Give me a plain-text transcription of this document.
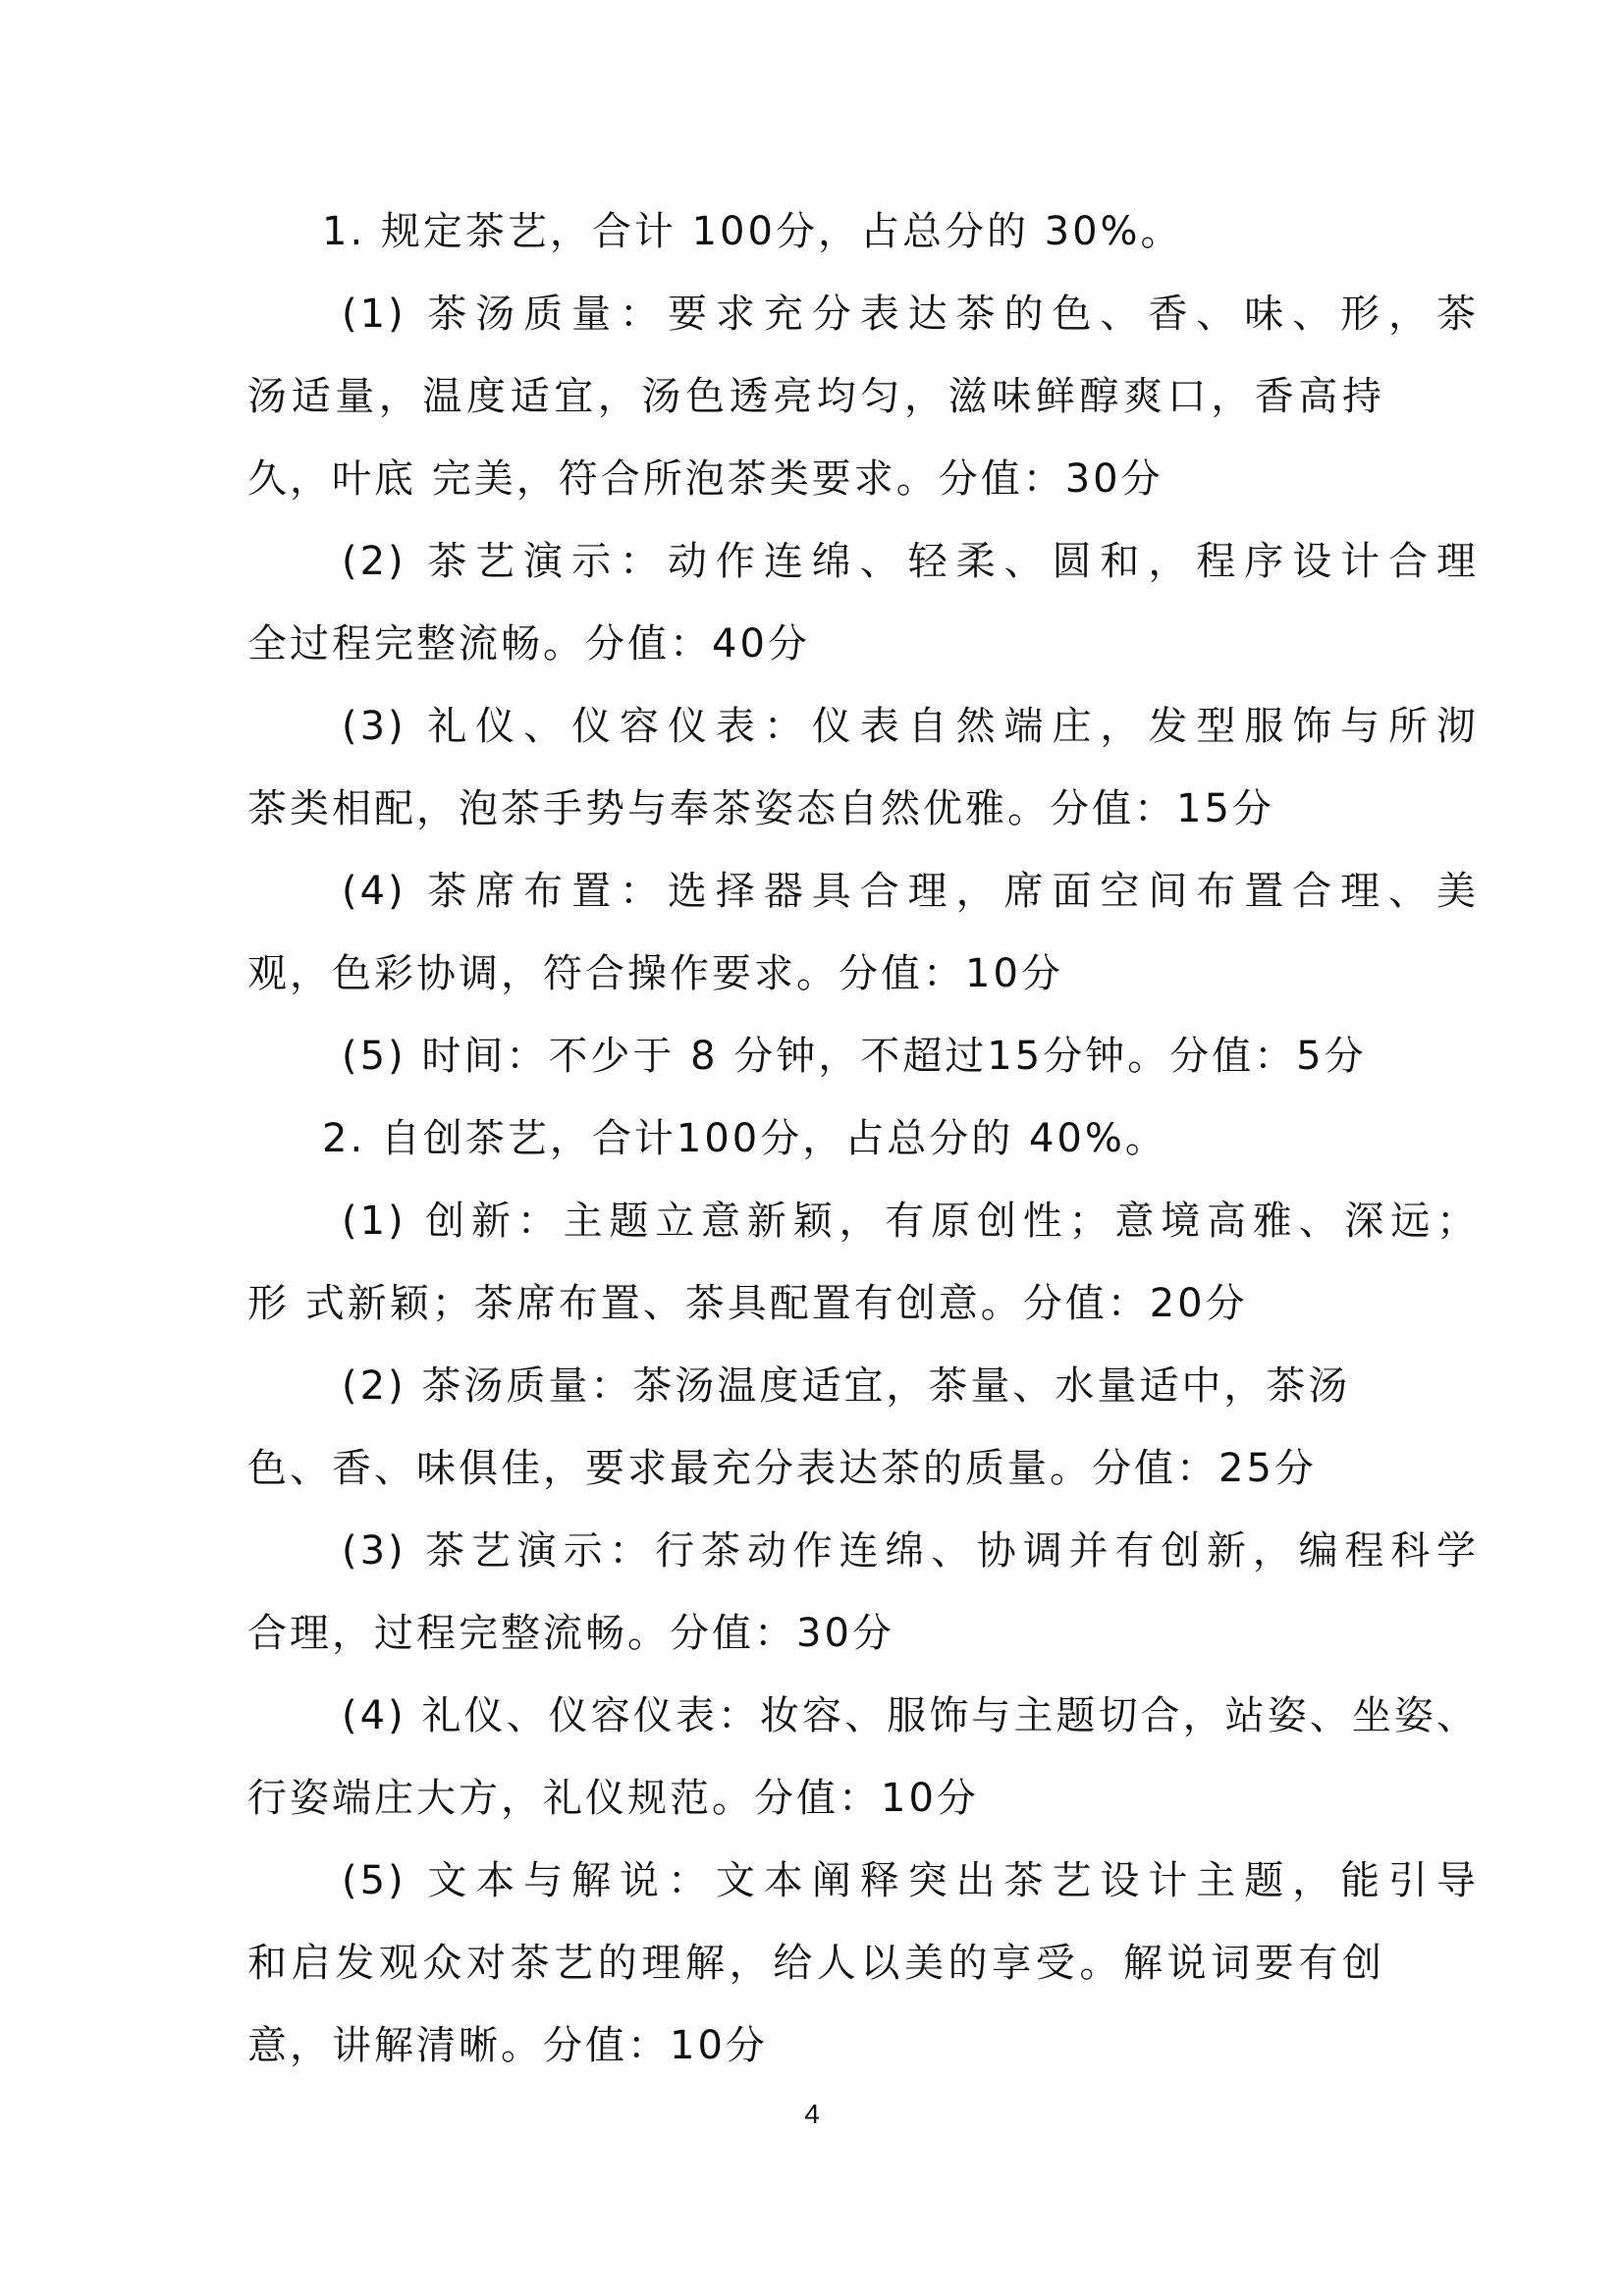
1. 规定茶艺，合计 100分，占总分的 30%。
(1) 茶汤质量：要求充分表达茶的色、香、味、形，茶
汤适量，温度适宜，汤色透亮均匀，滋味鲜醇爽口，香高持
久，叶底 完美，符合所泡茶类要求。分值：30分
(2) 茶艺演示：动作连绵、轻柔、圆和，程序设计合理
全过程完整流畅。分值：40分
(3) 礼仪、仪容仪表：仪表自然端庄，发型服饰与所沏
茶类相配，泡茶手势与奉茶姿态自然优雅。分值：15分
(4) 茶席布置：选择器具合理，席面空间布置合理、美
观，色彩协调，符合操作要求。分值：10分
(5) 时间：不少于 8 分钟，不超过15分钟。分值：5分
2. 自创茶艺，合计100分，占总分的 40%。
(1) 创新：主题立意新颖，有原创性；意境高雅、深远；
形 式新颖；茶席布置、茶具配置有创意。分值：20分
(2) 茶汤质量：茶汤温度适宜，茶量、水量适中，茶汤
色、香、味俱佳，要求最充分表达茶的质量。分值：25分
(3) 茶艺演示：行茶动作连绵、协调并有创新，编程科学
合理，过程完整流畅。分值：30分
(4) 礼仪、仪容仪表：妆容、服饰与主题切合，站姿、坐姿、
行姿端庄大方，礼仪规范。分值：10分
(5) 文本与解说：文本阐释突出茶艺设计主题，能引导
和启发观众对茶艺的理解，给人以美的享受。解说词要有创
意，讲解清晰。分值：10分
4
